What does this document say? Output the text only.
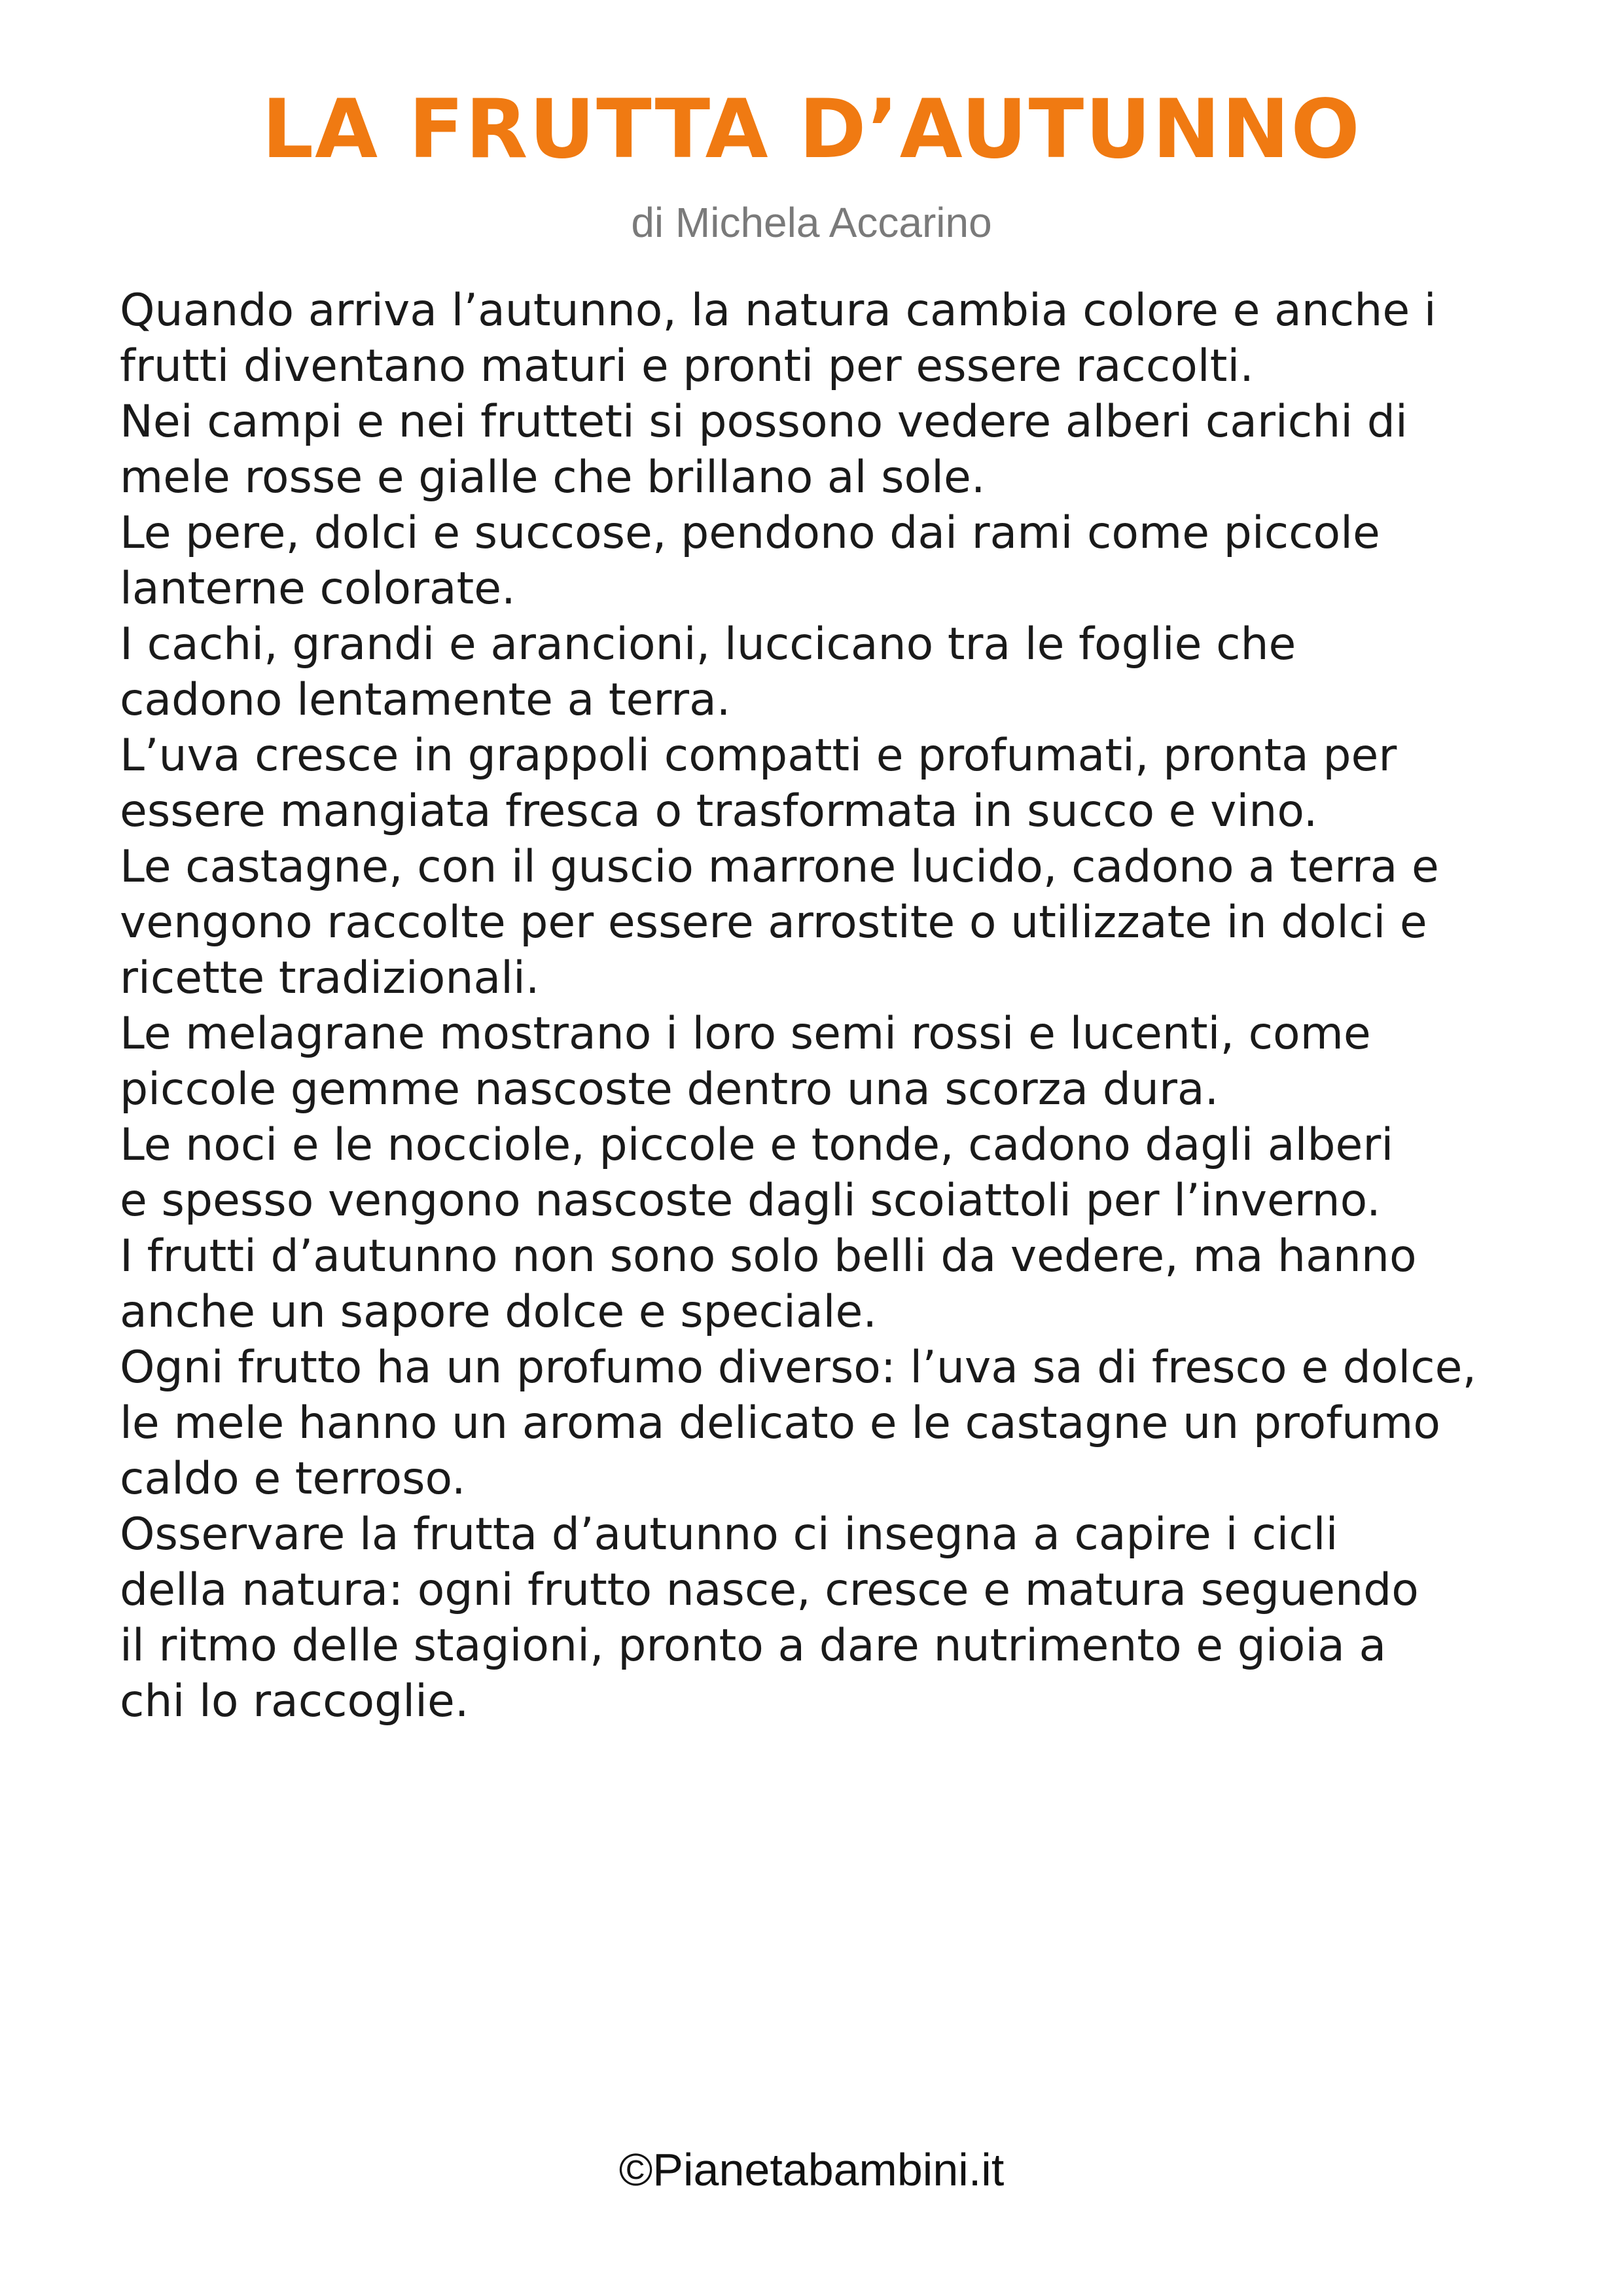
LA FRUTTA D’AUTUNNO
di Michela Accarino
Quando arriva l’autunno, la natura cambia colore e anche i
frutti diventano maturi e pronti per essere raccolti.
Nei campi e nei frutteti si possono vedere alberi carichi di
mele rosse e gialle che brillano al sole.
Le pere, dolci e succose, pendono dai rami come piccole
lanterne colorate.
I cachi, grandi e arancioni, luccicano tra le foglie che
cadono lentamente a terra.
L’uva cresce in grappoli compatti e profumati, pronta per
essere mangiata fresca o trasformata in succo e vino.
Le castagne, con il guscio marrone lucido, cadono a terra e
vengono raccolte per essere arrostite o utilizzate in dolci e
ricette tradizionali.
Le melagrane mostrano i loro semi rossi e lucenti, come
piccole gemme nascoste dentro una scorza dura.
Le noci e le nocciole, piccole e tonde, cadono dagli alberi
e spesso vengono nascoste dagli scoiattoli per l’inverno.
I frutti d’autunno non sono solo belli da vedere, ma hanno
anche un sapore dolce e speciale.
Ogni frutto ha un profumo diverso: l’uva sa di fresco e dolce,
le mele hanno un aroma delicato e le castagne un profumo
caldo e terroso.
Osservare la frutta d’autunno ci insegna a capire i cicli
della natura: ogni frutto nasce, cresce e matura seguendo
il ritmo delle stagioni, pronto a dare nutrimento e gioia a
chi lo raccoglie.
©Pianetabambini.it
